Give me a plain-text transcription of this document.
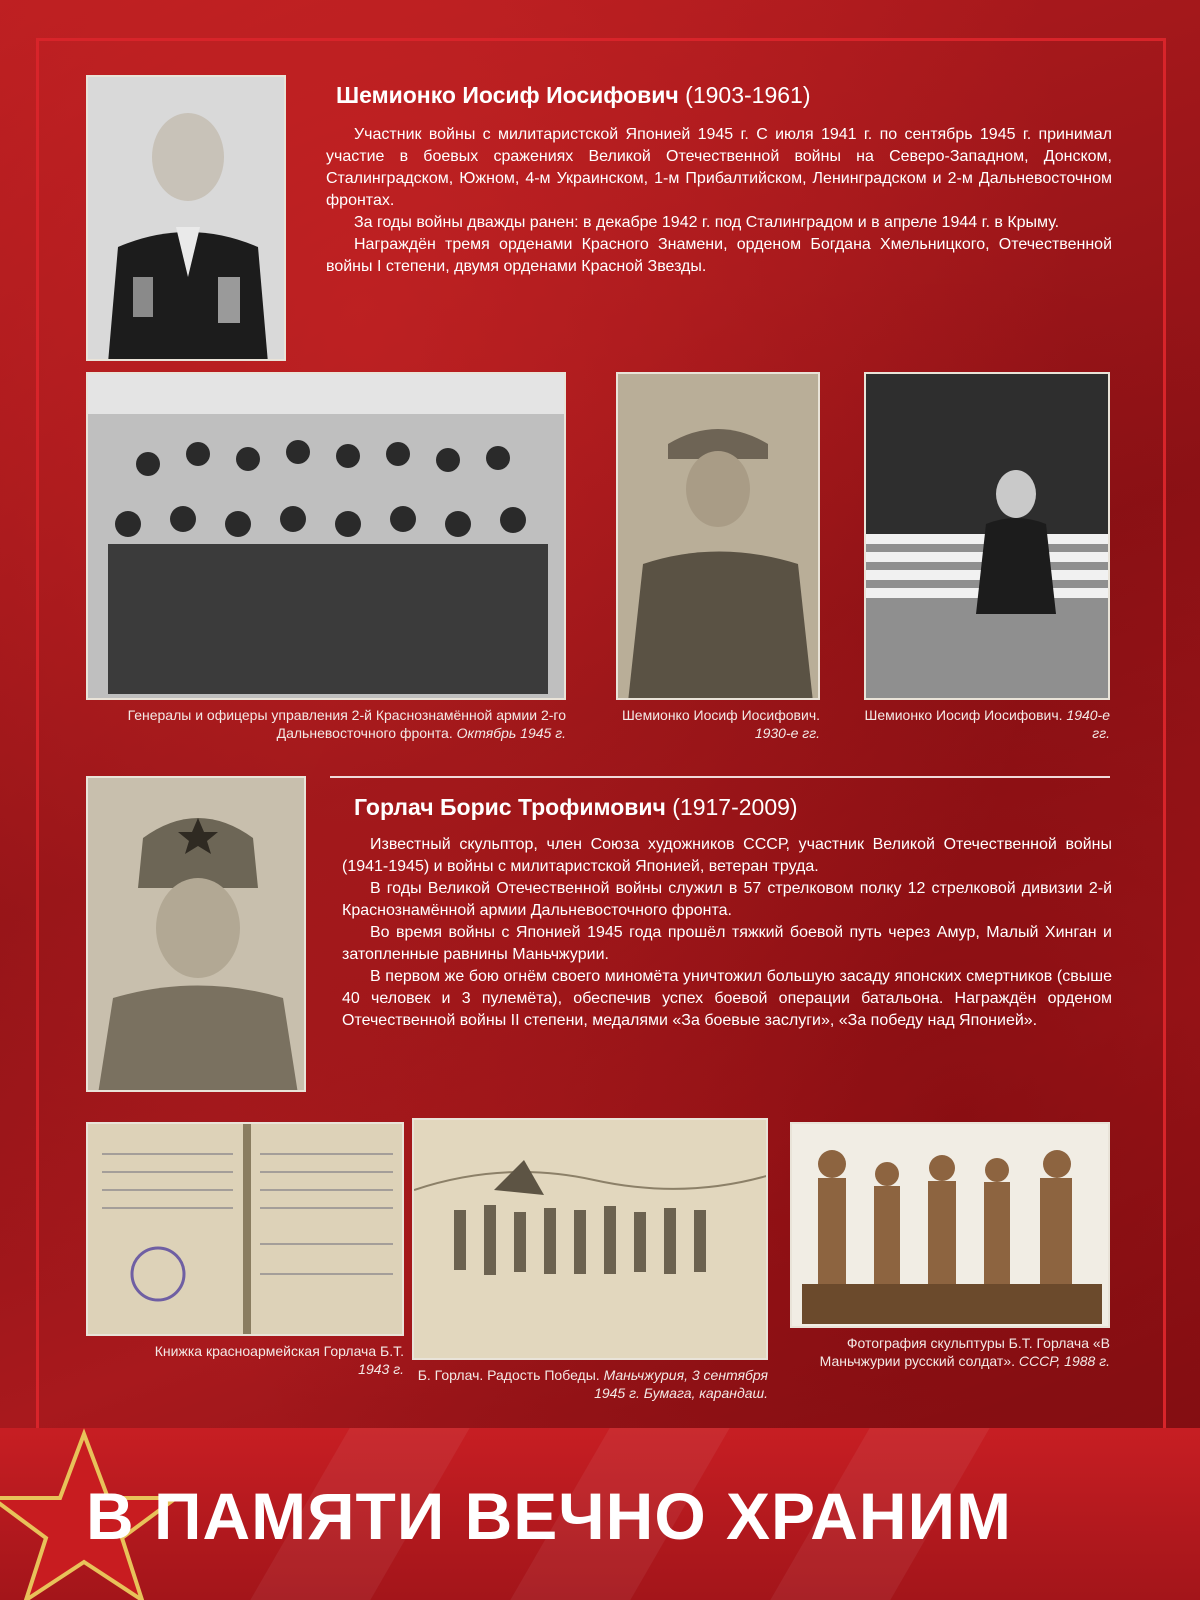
Шемионко Иосиф Иосифович (1903-1961)

Участник войны с милитаристской Японией 1945 г. С июля 1941 г. по сентябрь 1945 г. принимал участие в боевых сражениях Великой Отечественной войны на Северо-Западном, Донском, Сталинградском, Южном, 4-м Украинском, 1-м Прибалтийском, Ленинградском и 2-м Дальневосточном фронтах.

За годы войны дважды ранен: в декабре 1942 г. под Сталинградом и в апреле 1944 г. в Крыму.

Награждён тремя орденами Красного Знамени, орденом Богдана Хмельницкого, Отечественной войны I степени, двумя орденами Красной Звезды.

Генералы и офицеры управления 2-й Краснознамённой армии 2-го Дальневосточного фронта. Октябрь 1945 г.
Шемионко Иосиф Иосифович. 1930-е гг.
Шемионко Иосиф Иосифович. 1940-е гг.
Горлач Борис Трофимович (1917-2009)

Известный скульптор, член Союза художников СССР, участник Великой Отечественной войны (1941-1945) и войны с милитаристской Японией, ветеран труда.

В годы Великой Отечественной войны служил в 57 стрелковом полку 12 стрелковой дивизии 2-й Краснознамённой армии Дальневосточного фронта.

Во время войны с Японией 1945 года прошёл тяжкий боевой путь через Амур, Малый Хинган и затопленные равнины Маньчжурии.

В первом же бою огнём своего миномёта уничтожил большую засаду японских смертников (свыше 40 человек и 3 пулемёта), обеспечив успех боевой операции батальона. Награждён орденом Отечественной войны II степени, медалями «За боевые заслуги», «За победу над Японией».

Книжка красноармейская Горлача Б.Т.
1943 г. Б. Горлач. Радость Победы. Маньчжурия, 3 сентября 1945 г. Бумага, карандаш.
Фотография скульптуры Б.Т. Горлача «В Маньчжурии русский солдат». СССР, 1988 г.
В ПАМЯТИ ВЕЧНО ХРАНИМ
